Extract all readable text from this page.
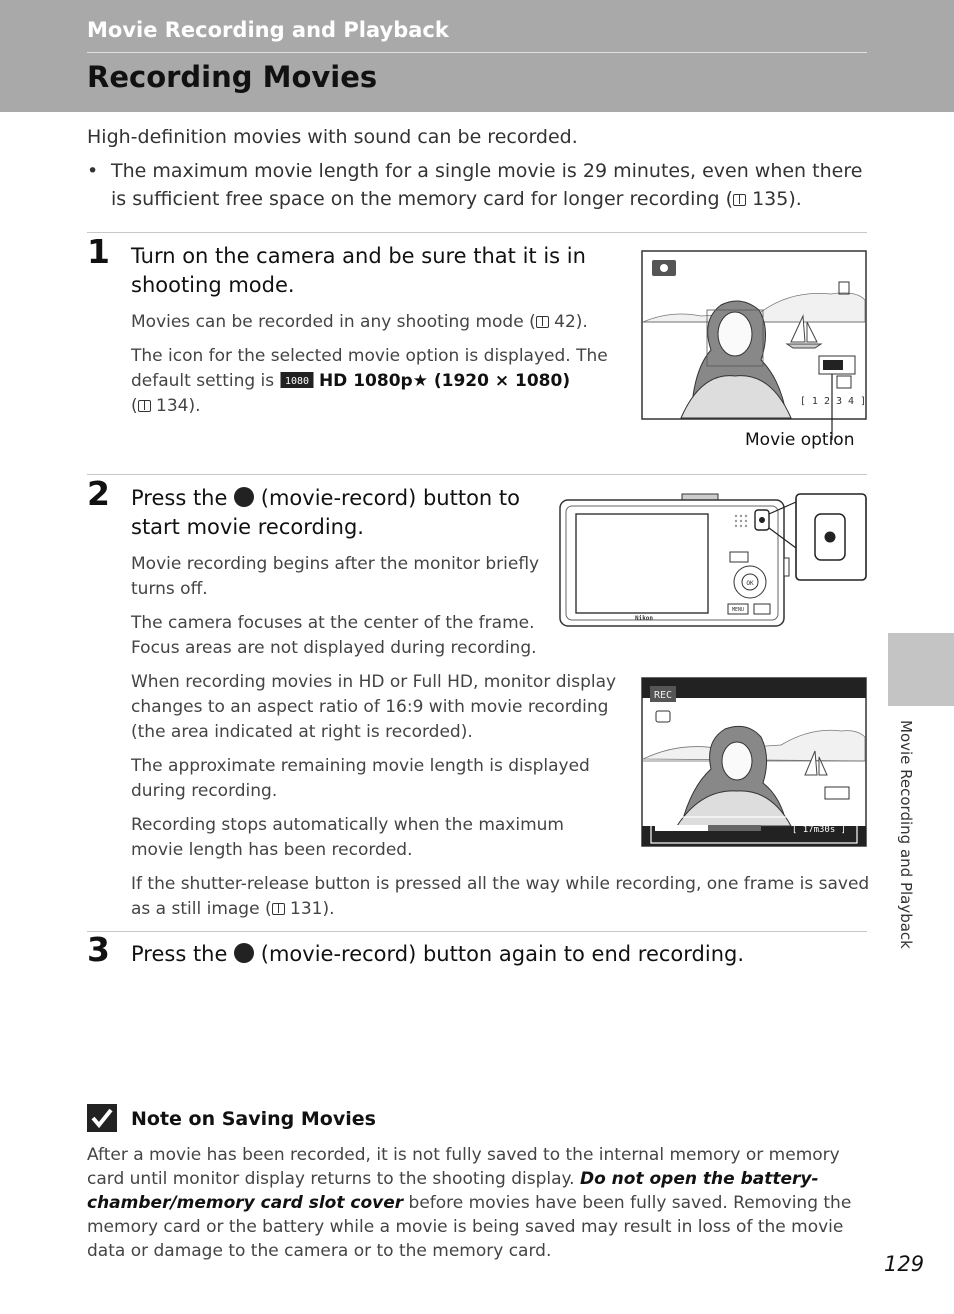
Movie Recording and Playback
Recording Movies
High-definition movies with sound can be recorded.
• The maximum movie length for a single movie is 29 minutes, even when there is sufficient free space on the memory card for longer recording ( 135).
1 Turn on the camera and be sure that it is in shooting mode.
Movies can be recorded in any shooting mode ( 42).
The icon for the selected movie option is displayed. The default setting is 1080 HD 1080p★ (1920 × 1080)
( 134).	[ 1 2 3 4 ]
Movie option
2 Press the  (movie-record) button to start movie recording.
Movie recording begins after the monitor briefly turns off.
The camera focuses at the center of the frame. Focus areas are not displayed during recording.
When recording movies in HD or Full HD, monitor display changes to an aspect ratio of 16:9 with movie recording (the area indicated at right is recorded).
The approximate remaining movie length is displayed during recording.
Recording stops automatically when the maximum movie length has been recorded.
If the shutter-release button is pressed all the way while recording, one frame is saved as a still image ( 131).
Nikon
OK
MENU
REC
[ 17m30s ]
3 Press the  (movie-record) button again to end recording.
Note on Saving Movies
After a movie has been recorded, it is not fully saved to the internal memory or memory card until monitor display returns to the shooting display. Do not open the battery-chamber/memory card slot cover before movies have been fully saved. Removing the memory card or the battery while a movie is being saved may result in loss of the movie data or damage to the camera or to the memory card.
Movie Recording and Playback
129
